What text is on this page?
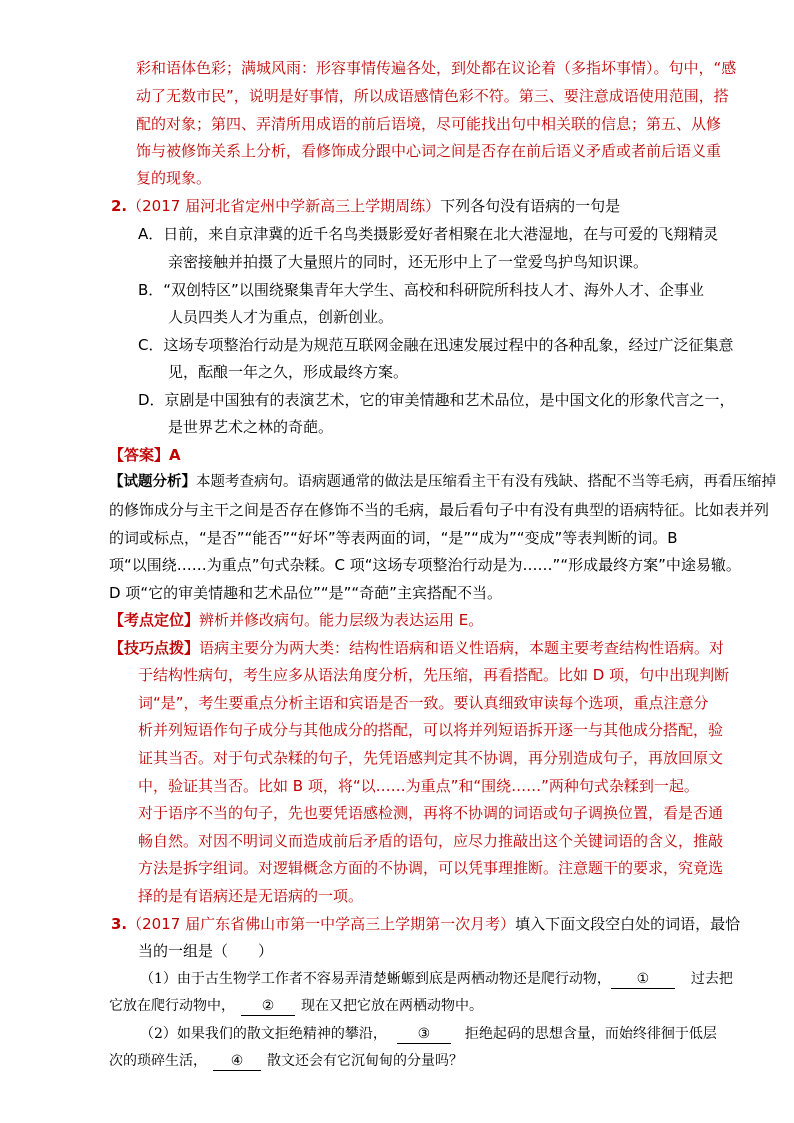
彩和语体色彩；满城风雨：形容事情传遍各处，到处都在议论着（多指坏事情）。句中，“感
动了无数市民”，说明是好事情，所以成语感情色彩不符。第三、要注意成语使用范围，搭
配的对象；第四、弄清所用成语的前后语境，尽可能找出句中相关联的信息；第五、从修
饰与被修饰关系上分析，看修饰成分跟中心词之间是否存在前后语义矛盾或者前后语义重
复的现象。
2.（2017 届河北省定州中学新高三上学期周练）下列各句没有语病的一句是
A．日前，来自京津冀的近千名鸟类摄影爱好者相聚在北大港湿地，在与可爱的飞翔精灵
亲密接触并拍摄了大量照片的同时，还无形中上了一堂爱鸟护鸟知识课。
B．“双创特区”以围绕聚集青年大学生、高校和科研院所科技人才、海外人才、企事业
人员四类人才为重点，创新创业。
C．这场专项整治行动是为规范互联网金融在迅速发展过程中的各种乱象，经过广泛征集意
见，酝酿一年之久，形成最终方案。
D．京剧是中国独有的表演艺术，它的审美情趣和艺术品位，是中国文化的形象代言之一，
是世界艺术之林的奇葩。
【答案】A
【试题分析】本题考查病句。语病题通常的做法是压缩看主干有没有残缺、搭配不当等毛病，再看压缩掉
的修饰成分与主干之间是否存在修饰不当的毛病，最后看句子中有没有典型的语病特征。比如表并列
的词或标点，“是否”“能否”“好坏”等表两面的词，“是”“成为”“变成”等表判断的词。B
项“以围绕……为重点”句式杂糅。C 项“这场专项整治行动是为……”“形成最终方案”中途易辙。
D 项“它的审美情趣和艺术品位”“是”“奇葩”主宾搭配不当。
【考点定位】辨析并修改病句。能力层级为表达运用 E。
【技巧点拨】语病主要分为两大类：结构性语病和语义性语病，本题主要考查结构性语病。对
于结构性病句，考生应多从语法角度分析，先压缩，再看搭配。比如 D 项，句中出现判断
词“是”，考生要重点分析主语和宾语是否一致。要认真细致审读每个选项，重点注意分
析并列短语作句子成分与其他成分的搭配，可以将并列短语拆开逐一与其他成分搭配，验
证其当否。对于句式杂糅的句子，先凭语感判定其不协调，再分别造成句子，再放回原文
中，验证其当否。比如 B 项，将“以……为重点”和“围绕……”两种句式杂糅到一起。
对于语序不当的句子，先也要凭语感检测，再将不协调的词语或句子调换位置，看是否通
畅自然。对因不明词义而造成前后矛盾的语句，应尽力推敲出这个关键词语的含义，推敲
方法是拆字组词。对逻辑概念方面的不协调，可以凭事理推断。注意题干的要求，究竟选
择的是有语病还是无语病的一项。
3.（2017 届广东省佛山市第一中学高三上学期第一次月考）填入下面文段空白处的词语，最恰
当的一组是（　　）
（1）由于古生物学工作者不容易弄清楚蜥螈到底是两栖动物还是爬行动物， ①	过去把
它放在爬行动物中， ② 现在又把它放在两栖动物中。
（2）如果我们的散文拒绝精神的攀沿， ③ 拒绝起码的思想含量，而始终徘徊于低层
次的琐碎生活， ④ 散文还会有它沉甸甸的分量吗？
